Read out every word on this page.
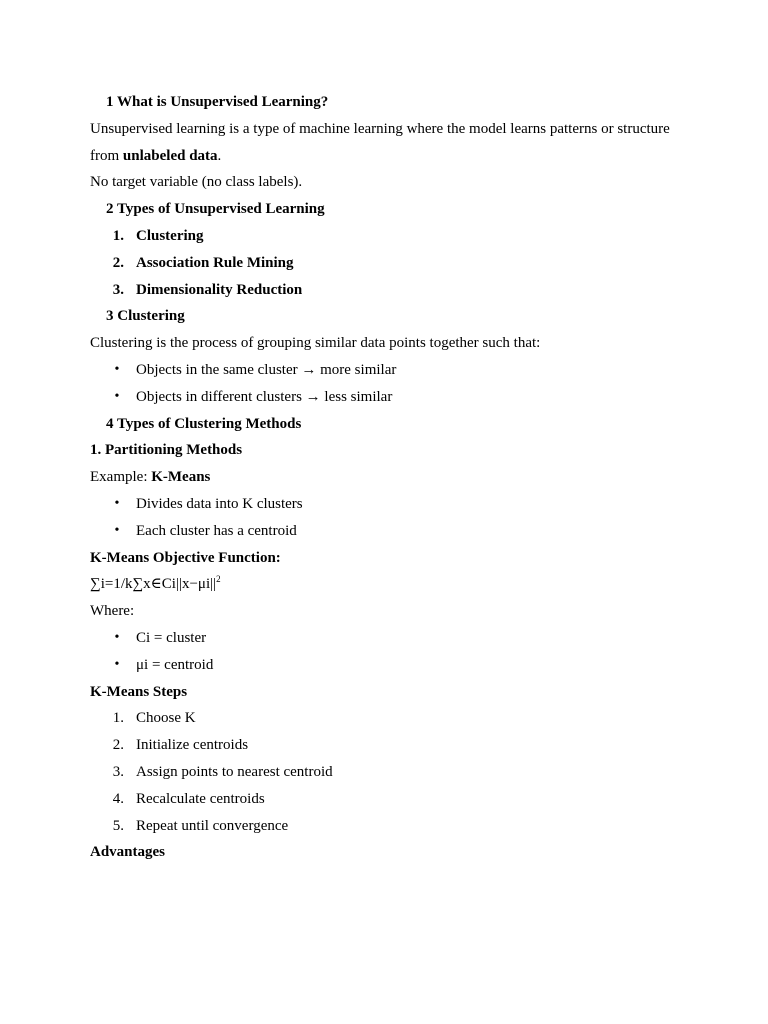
1 What is Unsupervised Learning?
Unsupervised learning is a type of machine learning where the model learns patterns or structure
from unlabeled data.
No target variable (no class labels).
2 Types of Unsupervised Learning
1. Clustering
2. Association Rule Mining
3. Dimensionality Reduction
3 Clustering
Clustering is the process of grouping similar data points together such that:
• Objects in the same cluster → more similar
• Objects in different clusters → less similar
4 Types of Clustering Methods
1. Partitioning Methods
Example: K-Means
• Divides data into K clusters
• Each cluster has a centroid
K-Means Objective Function:
$\sum i=1/k\sum x\in Ci||x-\mu i||^2$
Where:
• Ci = cluster
• μi = centroid
K-Means Steps
1. Choose K
2. Initialize centroids
3. Assign points to nearest centroid
4. Recalculate centroids
5. Repeat until convergence
Advantages
